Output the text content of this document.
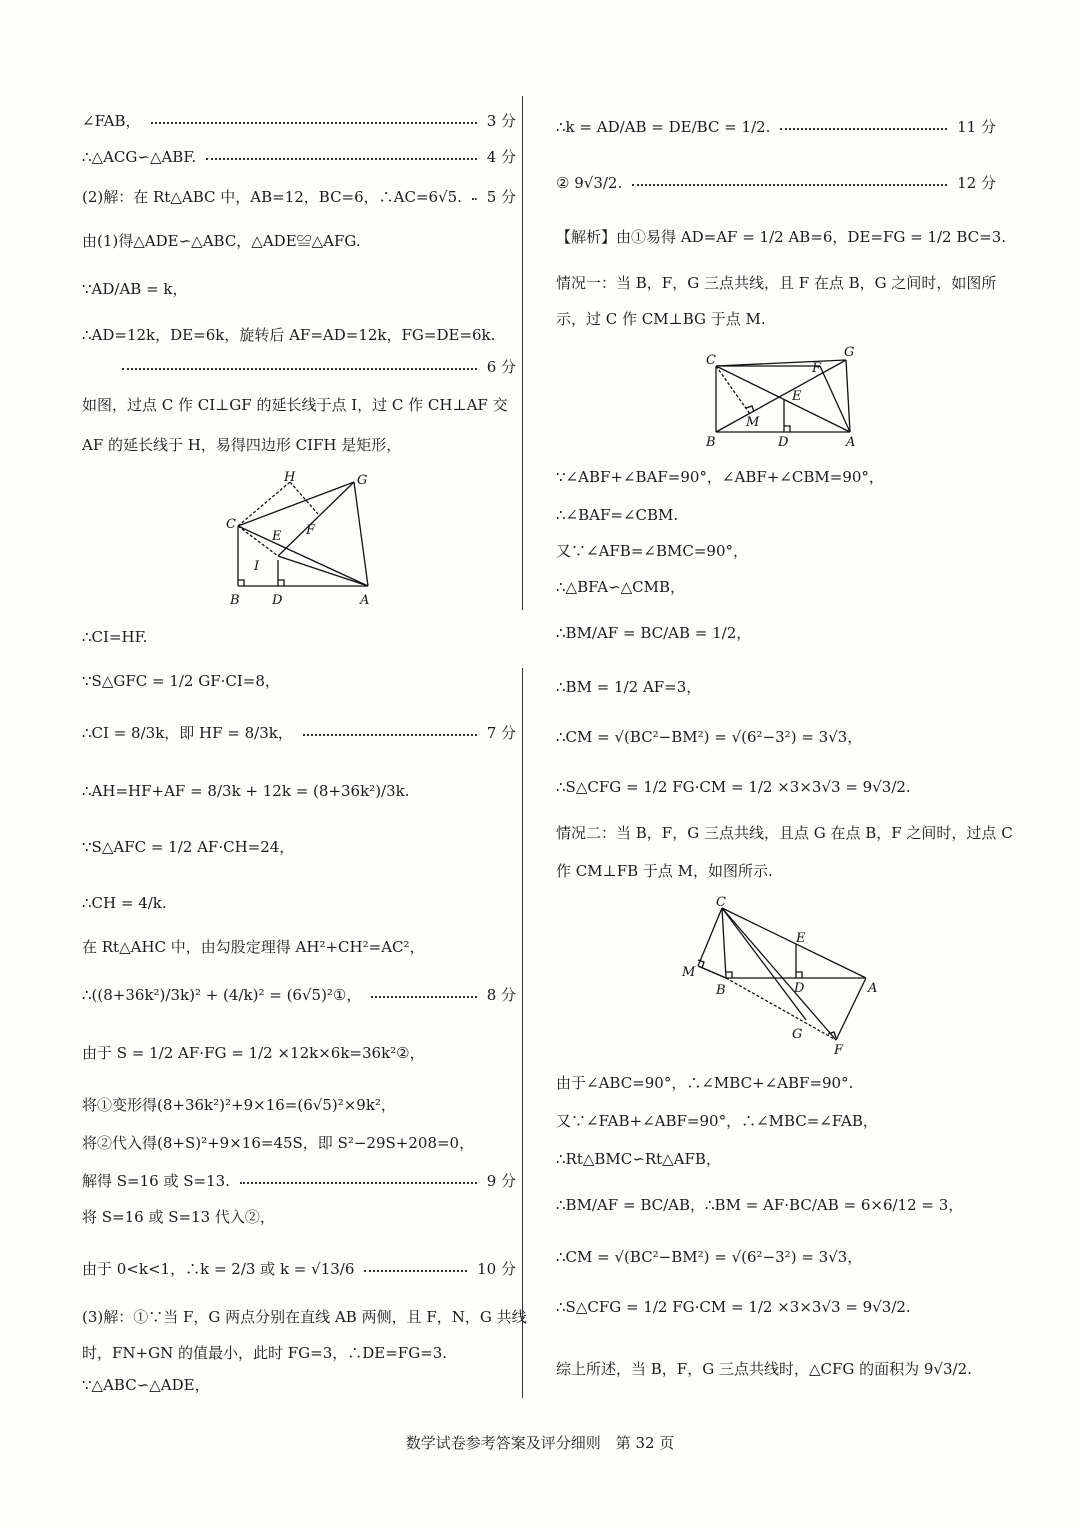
∠FAB，	3 分
∴△ACG∽△ABF.	4 分
(2)解：在 Rt△ABC 中，AB=12，BC=6，∴AC=6√5. 5 分
由(1)得△ADE∽△ABC，△ADE≌△AFG.
∵AD/AB = k，
∴AD=12k，DE=6k，旋转后 AF=AD=12k，FG=DE=6k.
6 分
如图，过点 C 作 CI⊥GF 的延长线于点 I，过 C 作 CH⊥AF 交
AF 的延长线于 H，易得四边形 CIFH 是矩形，
∴CI=HF.
∵S△GFC = 1/2 GF·CI=8，
∴CI = 8/3k，即 HF = 8/3k，	7 分
∴AH=HF+AF = 8/3k + 12k = (8+36k²)/3k.
∵S△AFC = 1/2 AF·CH=24，
∴CH = 4/k.
在 Rt△AHC 中，由勾股定理得 AH²+CH²=AC²，
∴((8+36k²)/3k)² + (4/k)² = (6√5)²①，	8 分
由于 S = 1/2 AF·FG = 1/2 ×12k×6k=36k²②，
将①变形得(8+36k²)²+9×16=(6√5)²×9k²，
将②代入得(8+S)²+9×16=45S，即 S²−29S+208=0，
解得 S=16 或 S=13.	9 分
将 S=16 或 S=13 代入②，
由于 0<k<1，∴k = 2/3 或 k = √13/6	10 分
(3)解：①∵当 F，G 两点分别在直线 AB 两侧，且 F，N，G 共线
时，FN+GN 的值最小，此时 FG=3，∴DE=FG=3.
∵△ABC∽△ADE，
∴k = AD/AB = DE/BC = 1/2.	11 分
② 9√3/2.	12 分
【解析】由①易得 AD=AF = 1/2 AB=6，DE=FG = 1/2 BC=3.
情况一：当 B，F，G 三点共线，且 F 在点 B，G 之间时，如图所
示，过 C 作 CM⊥BG 于点 M.
∵∠ABF+∠BAF=90°，∠ABF+∠CBM=90°，
∴∠BAF=∠CBM.
又∵∠AFB=∠BMC=90°，
∴△BFA∽△CMB，
∴BM/AF = BC/AB = 1/2，
∴BM = 1/2 AF=3，
∴CM = √(BC²−BM²) = √(6²−3²) = 3√3，
∴S△CFG = 1/2 FG·CM = 1/2 ×3×3√3 = 9√3/2.
情况二：当 B，F，G 三点共线，且点 G 在点 B，F 之间时，过点 C
作 CM⊥FB 于点 M，如图所示.
由于∠ABC=90°，∴∠MBC+∠ABF=90°.
又∵∠FAB+∠ABF=90°，∴∠MBC=∠FAB，
∴Rt△BMC∽Rt△AFB，
∴BM/AF = BC/AB，∴BM = AF·BC/AB = 6×6/12 = 3，
∴CM = √(BC²−BM²) = √(6²−3²) = 3√3，
∴S△CFG = 1/2 FG·CM = 1/2 ×3×3√3 = 9√3/2.
综上所述，当 B，F，G 三点共线时，△CFG 的面积为 9√3/2.
H	G
C
E F
I
B D	A
C
G
F
E
M
B	D	A
C
E
M
B	D	A
G
F
数学试卷参考答案及评分细则　第 32 页
